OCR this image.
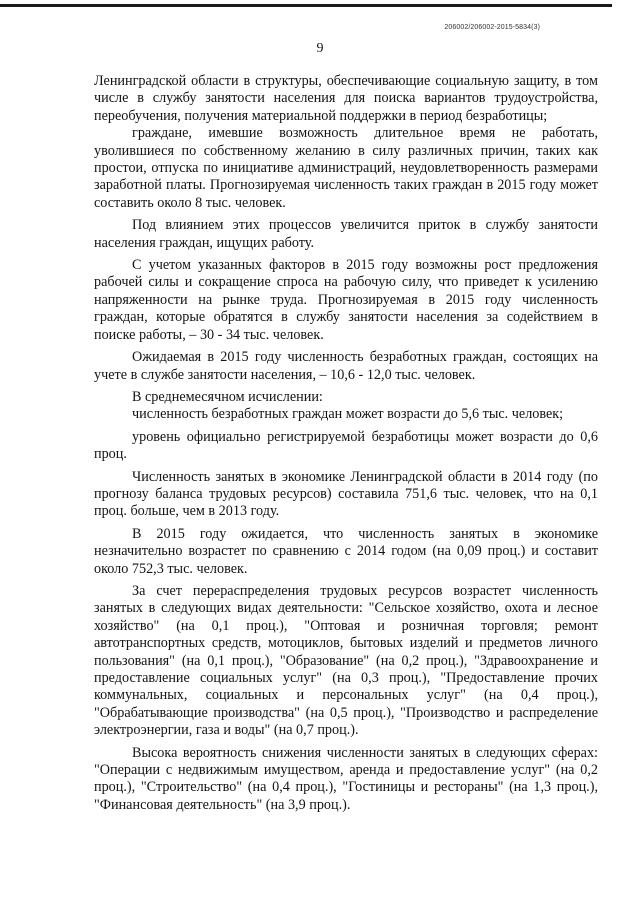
206002/206002-2015-5834(3)
9

Ленинградской области в структуры, обеспечивающие социальную защиту, в том числе в службу занятости населения для поиска вариантов трудоустройства, переобучения, получения материальной поддержки в период безработицы;

граждане, имевшие возможность длительное время не работать, уволившиеся по собственному желанию в силу различных причин, таких как простои, отпуска по инициативе администраций, неудовлетворенность размерами заработной платы. Прогнозируемая численность таких граждан в 2015 году может составить около 8 тыс. человек.

Под влиянием этих процессов увеличится приток в службу занятости населения граждан, ищущих работу.

С учетом указанных факторов в 2015 году возможны рост предложения рабочей силы и сокращение спроса на рабочую силу, что приведет к усилению напряженности на рынке труда. Прогнозируемая в 2015 году численность граждан, которые обратятся в службу занятости населения за содействием в поиске работы, – 30 - 34 тыс. человек.

Ожидаемая в 2015 году численность безработных граждан, состоящих на учете в службе занятости населения, – 10,6 - 12,0 тыс. человек.

В среднемесячном исчислении:

численность безработных граждан может возрасти до 5,6 тыс. человек;

уровень официально регистрируемой безработицы может возрасти до 0,6 проц.

Численность занятых в экономике Ленинградской области в 2014 году (по прогнозу баланса трудовых ресурсов) составила 751,6 тыс. человек, что на 0,1 проц. больше, чем в 2013 году.

В 2015 году ожидается, что численность занятых в экономике незначительно возрастет по сравнению с 2014 годом (на 0,09 проц.) и составит около 752,3 тыс. человек.

За счет перераспределения трудовых ресурсов возрастет численность занятых в следующих видах деятельности: "Сельское хозяйство, охота и лесное хозяйство" (на 0,1 проц.), "Оптовая и розничная торговля; ремонт автотранспортных средств, мотоциклов, бытовых изделий и предметов личного пользования" (на 0,1 проц.), "Образование" (на 0,2 проц.), "Здравоохранение и предоставление социальных услуг" (на 0,3 проц.), "Предоставление прочих коммунальных, социальных и персональных услуг" (на 0,4 проц.), "Обрабатывающие производства" (на 0,5 проц.), "Производство и распределение электроэнергии, газа и воды" (на 0,7 проц.).

Высока вероятность снижения численности занятых в следующих сферах: "Операции с недвижимым имуществом, аренда и предоставление услуг" (на 0,2 проц.), "Строительство" (на 0,4 проц.), "Гостиницы и рестораны" (на 1,3 проц.), "Финансовая деятельность" (на 3,9 проц.).
